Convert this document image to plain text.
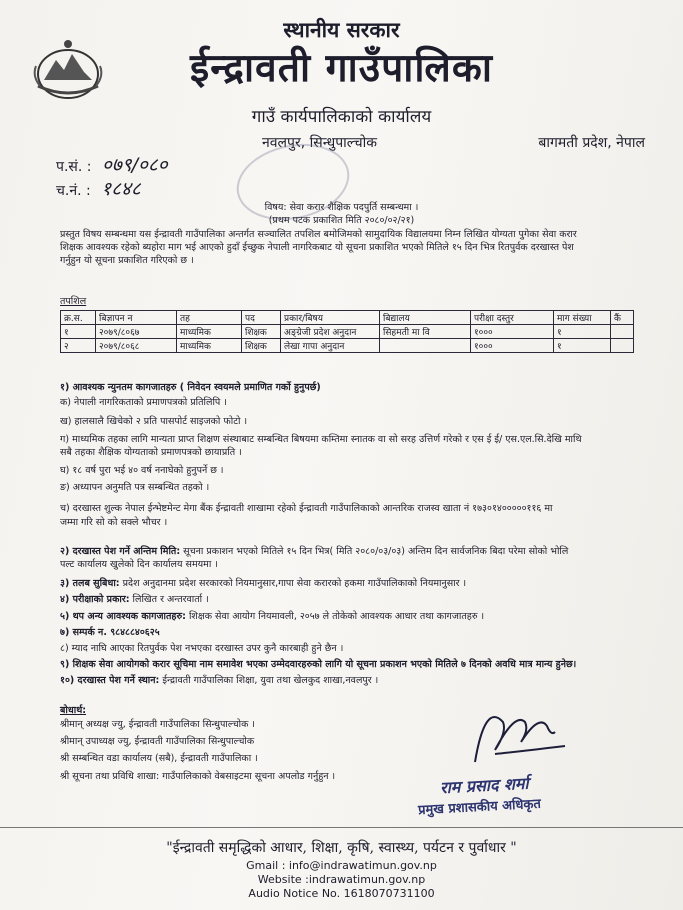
स्थानीय सरकार
ईन्द्रावती गाउँपालिका
गाउँ कार्यपालिकाको कार्यालय
नवलपुर, सिन्धुपाल्चोक	बागमती प्रदेश, नेपाल
प.सं. : ०७९/०८०
च.नं. : १८४८
विषय: सेवा करार शैक्षिक पदपुर्ति सम्बन्धमा ।
(प्रथम पटक प्रकाशित मिति २०८०/०२/२१)
प्रस्तुत विषय सम्बन्धमा यस ईन्द्रावती गाउँपालिका अन्तर्गत सञ्चालित तपशिल बमोजिमको सामुदायिक विद्यालयमा निम्न लिखित योग्यता पुगेका सेवा करार
शिक्षक आवश्यक रहेको ब्यहोरा माग भई आएको हुदाँ ईच्छुक नेपाली नागरिकबाट यो सूचना प्रकाशित भएको मितिले १५ दिन भित्र रितपुर्वक दरखास्त पेश
गर्नुहुन यो सूचना प्रकाशित गरिएको छ ।
तपशिल
क्र.स.	बिज्ञापन न	तह	पद	प्रकार/बिषय	बिद्यालय	परीक्षा दस्तुर	माग संख्या	कैं
१	२०७९/८०६७	माध्यमिक	शिक्षक	अङ्ग्रेजी प्रदेश अनुदान	सिहमती मा वि	१०००	१	
२	२०७९/८०६८	माध्यमिक	शिक्षक	लेखा गापा अनुदान		१०००	१	
१) आवश्यक न्युनतम कागजातहरु ( निवेदन स्वयमले प्रमाणित गर्को हुनुपर्छ)
क) नेपाली नागरिकताको प्रमाणपत्रको प्रतिलिपि ।
ख) हालसालै खिचेको २ प्रति पासपोर्ट साइजको फोटो ।
ग) माध्यमिक तहका लागि मान्यता प्राप्त शिक्षण संस्थाबाट सम्बन्धित बिषयमा कम्तिमा स्नातक वा सो सरह उत्तिर्ण गरेको र एस ई ई/ एस.एल.सि.देखि माथि
सबै तहका शैक्षिक योग्यताको प्रमाणपत्रको छायाप्रति ।
घ) १८ वर्ष पुरा भई ४० वर्ष ननाघेको हुनुपर्ने छ ।
ङ) अध्यापन अनुमति पत्र सम्बन्धित तहको ।
च) दरखास्त शुल्क नेपाल ईन्भेष्टमेन्ट मेगा बैंक ईन्द्रावती शाखामा रहेको ईन्द्रावती गाउँपालिकाको आन्तरिक राजस्व खाता नं १७३०१४०००००११६ मा
जम्मा गरि सो को सक्ले भौचर ।
२) दरखास्त पेश गर्ने अन्तिम मिति: सूचना प्रकाशन भएको मितिले १५ दिन भित्र( मिति २०८०/०३/०३) अन्तिम दिन सार्वजनिक बिदा परेमा सोको भोलि
पल्ट कार्यालय खुलेको दिन कार्यालय समयमा ।
३) तलब सुबिधा: प्रदेश अनुदानमा प्रदेश सरकारको नियमानुसार,गापा सेवा करारको हकमा गाउँपालिकाको नियमानुसार ।
४) परीक्षाको प्रकार: लिखित र अन्तरवार्ता ।
५) थप अन्य आवश्यक कागजातहरु: शिक्षक सेवा आयोग नियमावली, २०५७ ले तोकेको आवश्यक आधार तथा कागजातहरु ।
७) सम्पर्क न. ९८४८८४०६२५
८) म्याद नाघि आएका रितपुर्वक पेश नभएका दरखास्त उपर कुनै कारबाही हुने छैन ।
९) शिक्षक सेवा आयोगको करार सूचिमा नाम समावेश भएका उम्मेदवारहरुको लागि यो सूचना प्रकाशन भएको मितिले ७ दिनको अवधि मात्र मान्य हुनेछ।
१०) दरखास्त पेश गर्ने स्थान: ईन्द्रावती गाउँपालिका शिक्षा, युवा तथा खेलकुद शाखा,नवलपुर ।
बोधार्थ:
श्रीमान् अध्यक्ष ज्यु, ईन्द्रावती गाउँपालिका सिन्धुपाल्चोक ।
श्रीमान् उपाध्यक्ष ज्यु, ईन्द्रावती गाउँपालिका सिन्धुपाल्चोक
श्री सम्बन्धित वडा कार्यालय (सबै), ईन्द्रावती गाउँपालिका ।
श्री सूचना तथा प्रविधि शाखा: गाउँपालिकाको वेबसाइटमा सूचना अपलोड गर्नुहुन ।	राम प्रसाद शर्मा
प्रमुख प्रशासकीय अधिकृत
"ईन्द्रावती समृद्धिको आधार, शिक्षा, कृषि, स्वास्थ्य, पर्यटन र पुर्वाधार "
Gmail : info@indrawatimun.gov.np
Website :indrawatimun.gov.np
Audio Notice No. 1618070731100
